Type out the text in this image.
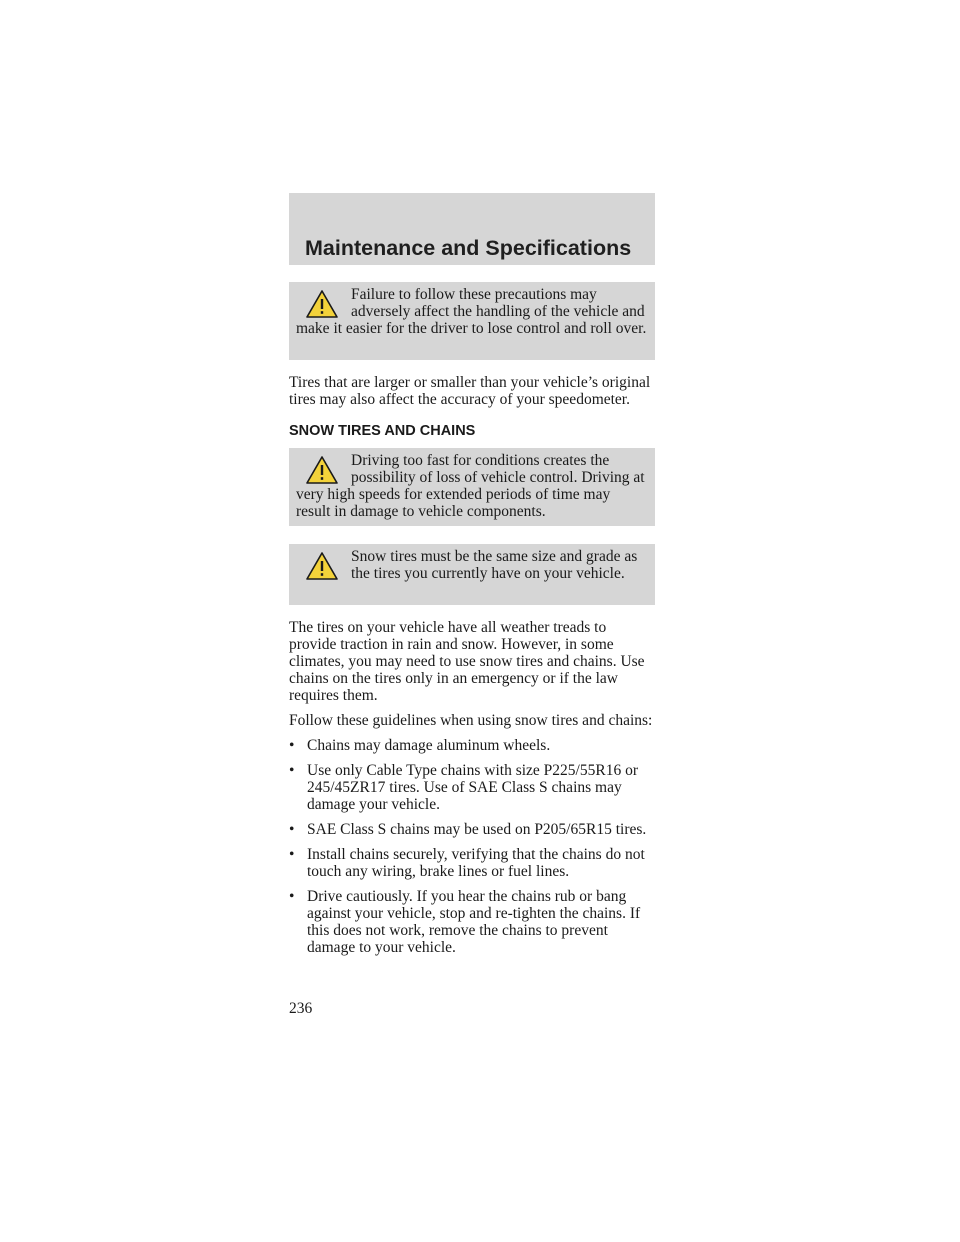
Maintenance and Specifications
Failure to follow these precautions may adversely affect the handling of the vehicle and make it easier for the driver to lose control and roll over.

Tires that are larger or smaller than your vehicle’s original tires may also affect the accuracy of your speedometer.

SNOW TIRES AND CHAINS

Driving too fast for conditions creates the possibility of loss of vehicle control. Driving at very high speeds for extended periods of time may result in damage to vehicle components.
Snow tires must be the same size and grade as the tires you currently have on your vehicle.

The tires on your vehicle have all weather treads to provide traction in rain and snow. However, in some climates, you may need to use snow tires and chains. Use chains on the tires only in an emergency or if the law requires them.

Follow these guidelines when using snow tires and chains:

• Chains may damage aluminum wheels.
• Use only Cable Type chains with size P225/55R16 or 245/45ZR17 tires. Use of SAE Class S chains may damage your vehicle.
• SAE Class S chains may be used on P205/65R15 tires.
• Install chains securely, verifying that the chains do not touch any wiring, brake lines or fuel lines.
• Drive cautiously. If you hear the chains rub or bang against your vehicle, stop and re-tighten the chains. If this does not work, remove the chains to prevent damage to your vehicle.
236
